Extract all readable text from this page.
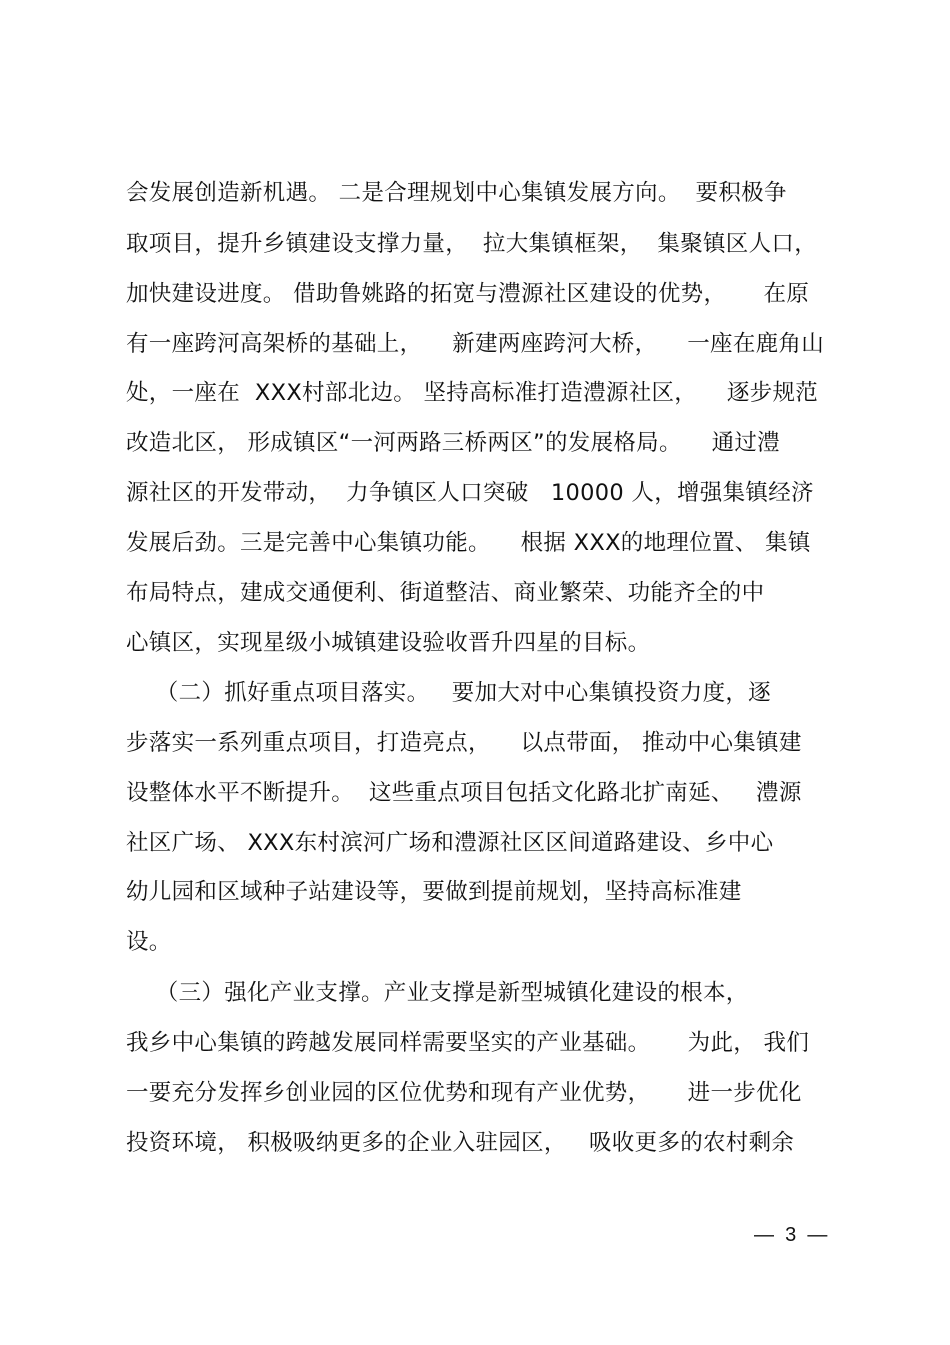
会发展创造新机遇。 二是合理规划中心集镇发展方向。  要积极争
取项目，提升乡镇建设支撑力量，  拉大集镇框架，  集聚镇区人口，
加快建设进度。 借助鲁姚路的拓宽与澧源社区建设的优势，     在原
有一座跨河高架桥的基础上，    新建两座跨河大桥，    一座在鹿角山
处，一座在  XXX村部北边。 坚持高标准打造澧源社区，    逐步规范
改造北区， 形成镇区“一河两路三桥两区”的发展格局。    通过澧
源社区的开发带动，  力争镇区人口突破   10000 人，增强集镇经济
发展后劲。三是完善中心集镇功能。    根据 XXX的地理位置、 集镇
布局特点，建成交通便利、街道整洁、商业繁荣、功能齐全的中
心镇区，实现星级小城镇建设验收晋升四星的目标。
（二）抓好重点项目落实。   要加大对中心集镇投资力度，逐
步落实一系列重点项目，打造亮点，    以点带面， 推动中心集镇建
设整体水平不断提升。  这些重点项目包括文化路北扩南延、   澧源
社区广场、 XXX东村滨河广场和澧源社区区间道路建设、乡中心
幼儿园和区域种子站建设等，要做到提前规划，坚持高标准建
设。
（三）强化产业支撑。产业支撑是新型城镇化建设的根本，
我乡中心集镇的跨越发展同样需要坚实的产业基础。     为此， 我们
一要充分发挥乡创业园的区位优势和现有产业优势，     进一步优化
投资环境， 积极吸纳更多的企业入驻园区，   吸收更多的农村剩余
—  3  —
